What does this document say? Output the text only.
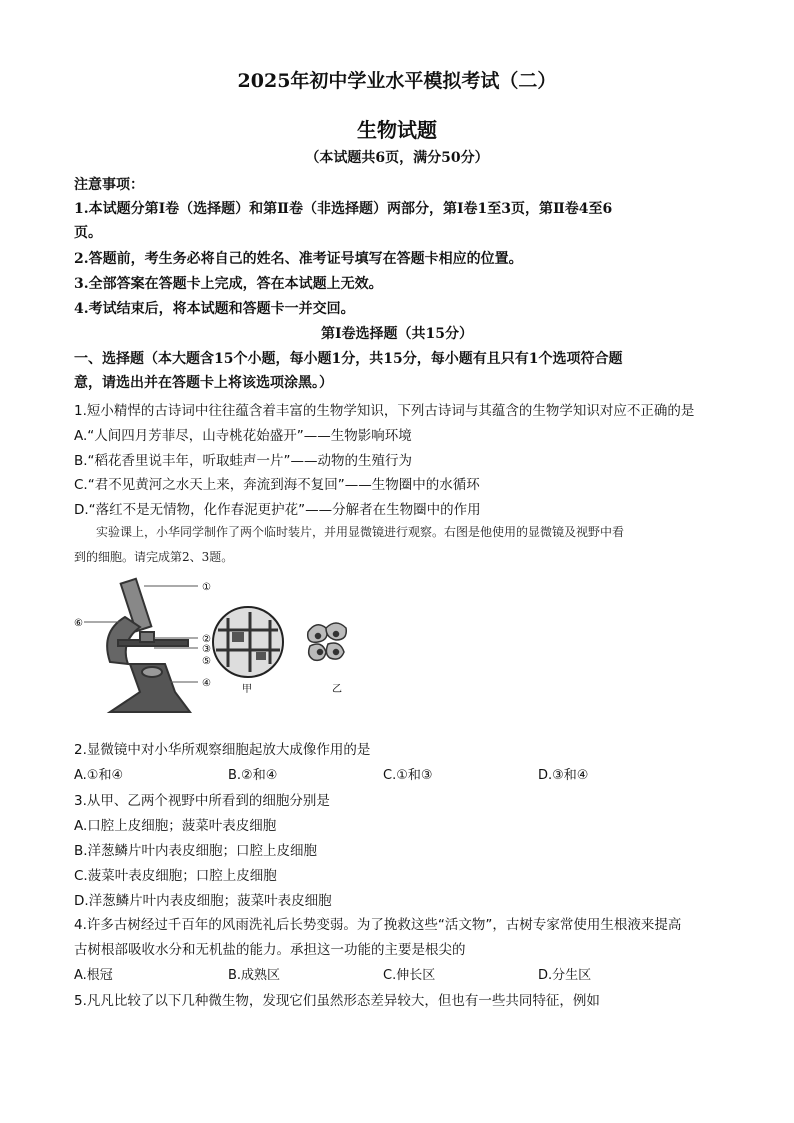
2025年初中学业水平模拟考试（二）
生物试题
（本试题共6页，满分50分）
注意事项：
1.本试题分第Ⅰ卷（选择题）和第Ⅱ卷（非选择题）两部分，第Ⅰ卷1至3页，第Ⅱ卷4至6
页。
2.答题前，考生务必将自己的姓名、准考证号填写在答题卡相应的位置。
3.全部答案在答题卡上完成，答在本试题上无效。
4.考试结束后，将本试题和答题卡一并交回。
第Ⅰ卷选择题（共15分）
一、选择题（本大题含15个小题，每小题1分，共15分，每小题有且只有1个选项符合题
意，请选出并在答题卡上将该选项涂黑。）
1.短小精悍的古诗词中往往蕴含着丰富的生物学知识，下列古诗词与其蕴含的生物学知识对应不正确的是
A.“人间四月芳菲尽，山寺桃花始盛开”——生物影响环境
B.“稻花香里说丰年，听取蛙声一片”——动物的生殖行为
C.“君不见黄河之水天上来，奔流到海不复回”——生物圈中的水循环
D.“落红不是无情物，化作春泥更护花”——分解者在生物圈中的作用
实验课上，小华同学制作了两个临时装片，并用显微镜进行观察。右图是他使用的显微镜及视野中看
到的细胞。请完成第2、3题。
①
②
③
④
⑤
⑥
甲	乙
2.显微镜中对小华所观察细胞起放大成像作用的是
A.①和④	B.②和④	C.①和③	D.③和④
3.从甲、乙两个视野中所看到的细胞分别是
A.口腔上皮细胞；菠菜叶表皮细胞
B.洋葱鳞片叶内表皮细胞；口腔上皮细胞
C.菠菜叶表皮细胞；口腔上皮细胞
D.洋葱鳞片叶内表皮细胞；菠菜叶表皮细胞
4.许多古树经过千百年的风雨洗礼后长势变弱。为了挽救这些“活文物”，古树专家常使用生根液来提高
古树根部吸收水分和无机盐的能力。承担这一功能的主要是根尖的
A.根冠	B.成熟区	C.伸长区	D.分生区
5.凡凡比较了以下几种微生物，发现它们虽然形态差异较大，但也有一些共同特征，例如
